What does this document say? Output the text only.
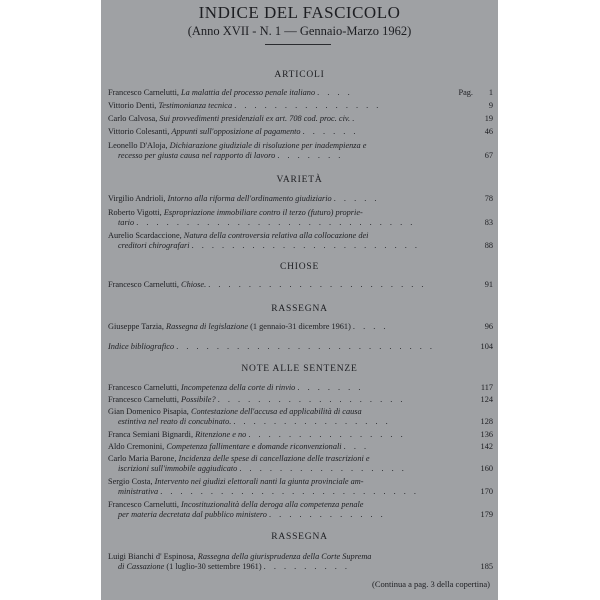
INDICE DEL FASCICOLO
(Anno XVII - N. 1 — Gennaio-Marzo 1962)
ARTICOLI
Francesco Carnelutti, La malattia del processo penale italiano . . . .	Pag. 1
Vittorio Denti, Testimonianza tecnica . . . . . . . . . . . . . . .	9
Carlo Calvosa, Sui provvedimenti presidenziali ex art. 708 cod. proc. civ. .	19
Vittorio Colesanti, Appunti sull'opposizione al pagamento . . . . . .	46
Leonello D'Aloja, Dichiarazione giudiziale di risoluzione per inadempienza e
recesso per giusta causa nel rapporto di lavoro . . . . . . .	67
VARIETÀ
Virgilio Andrioli, Intorno alla riforma dell'ordinamento giudiziario . . . . .	78
Roberto Vigotti, Espropriazione immobiliare contro il terzo (futuro) proprie-
tario . . . . . . . . . . . . . . . . . . . . . . . . . . . .	83
Aurelio Scardaccione, Natura della controversia relativa alla collocazione dei
creditori chirografari . . . . . . . . . . . . . . . . . . . . . . .	88
CHIOSE
Francesco Carnelutti, Chiose. . . . . . . . . . . . . . . . . . . . . . .	91
RASSEGNA
Giuseppe Tarzia, Rassegna di legislazione (1 gennaio-31 dicembre 1961) . . . .	96
Indice bibliografico . . . . . . . . . . . . . . . . . . . . . . . . . .	104
NOTE ALLE SENTENZE
Francesco Carnelutti, Incompetenza della corte di rinvio . . . . . . .	117
Francesco Carnelutti, Possibile? . . . . . . . . . . . . . . . . . . .	124
Gian Domenico Pisapia, Contestazione dell'accusa ed applicabilità di causa
estintiva nel reato di concubinato. . . . . . . . . . . . . . . . .	128
Franca Semiani Bignardi, Ritenzione e no . . . . . . . . . . . . . . . .	136
Aldo Cremonini, Competenza fallimentare e domande riconvenzionali . . .	142
Carlo Maria Barone, Incidenza delle spese di cancellazione delle trascrizioni e
iscrizioni sull'immobile aggiudicato . . . . . . . . . . . . . . . . .	160
Sergio Costa, Intervento nei giudizi elettorali nanti la giunta provinciale am-
ministrativa . . . . . . . . . . . . . . . . . . . . . . . . . .	170
Francesco Carnelutti, Incostituzionalità della deroga alla competenza penale
per materia decretata dal pubblico ministero . . . . . . . . . . . .	179
RASSEGNA
Luigi Bianchi d' Espinosa, Rassegna della giurisprudenza della Corte Suprema
di Cassazione (1 luglio-30 settembre 1961) . . . . . . . . .	185
(Continua a pag. 3 della copertina)
